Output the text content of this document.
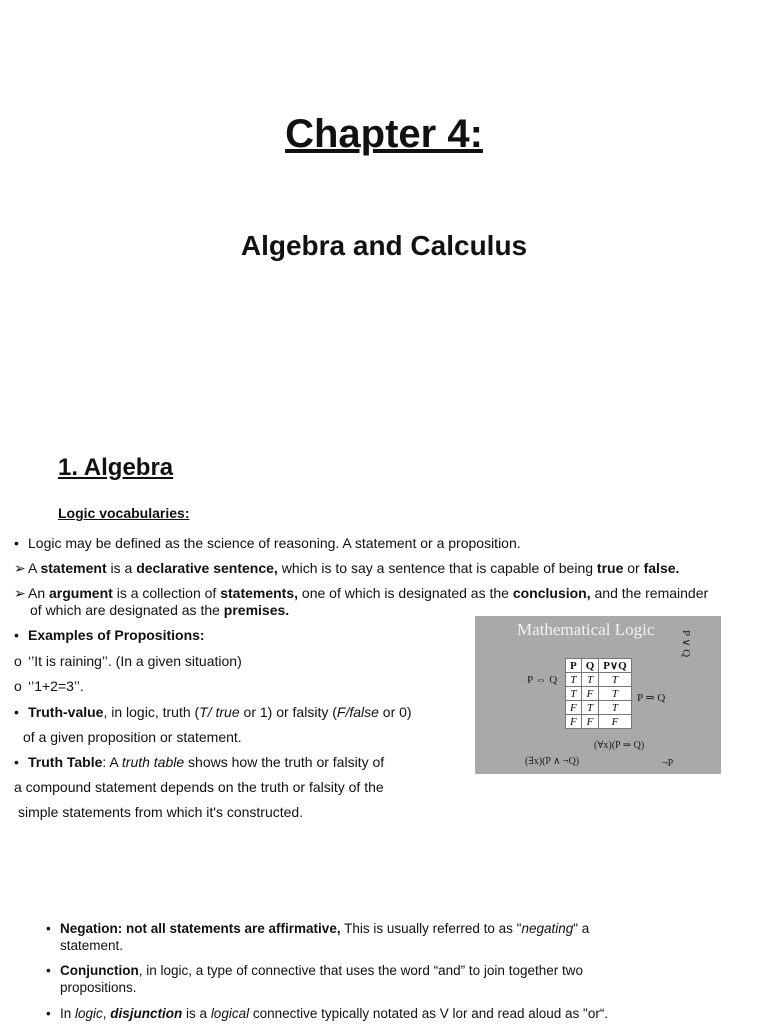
Chapter 4:
Algebra and Calculus
1. Algebra
Logic vocabularies:
• Logic may be defined as the science of reasoning. A statement or a proposition.
➢ A statement is a declarative sentence, which is to say a sentence that is capable of being true or false.
➢ An argument is a collection of statements, one of which is designated as the conclusion, and the remainder
of which are designated as the premises.
• Examples of Propositions:
o ‘’It is raining’’. (In a given situation)
o ‘’1+2=3’’.
• Truth-value, in logic, truth (T/ true or 1) or falsity (F/false or 0)
of a given proposition or statement.
• Truth Table: A truth table shows how the truth or falsity of
a compound statement depends on the truth or falsity of the
simple statements from which it's constructed.
Mathematical Logic
P ∨ Q
P ⇔ Q
P ⇒ Q
P	Q	P∨Q
T	T	T
T	F	T
F	T	T
F	F	F
(∀x)(P ⇒ Q)
(∃x)(P ∧ ¬Q)	¬P
• Negation: not all statements are affirmative, This is usually referred to as "negating" a
statement.
• Conjunction, in logic, a type of connective that uses the word “and” to join together two
propositions.
• In logic, disjunction is a logical connective typically notated as V lor and read aloud as "or“.
